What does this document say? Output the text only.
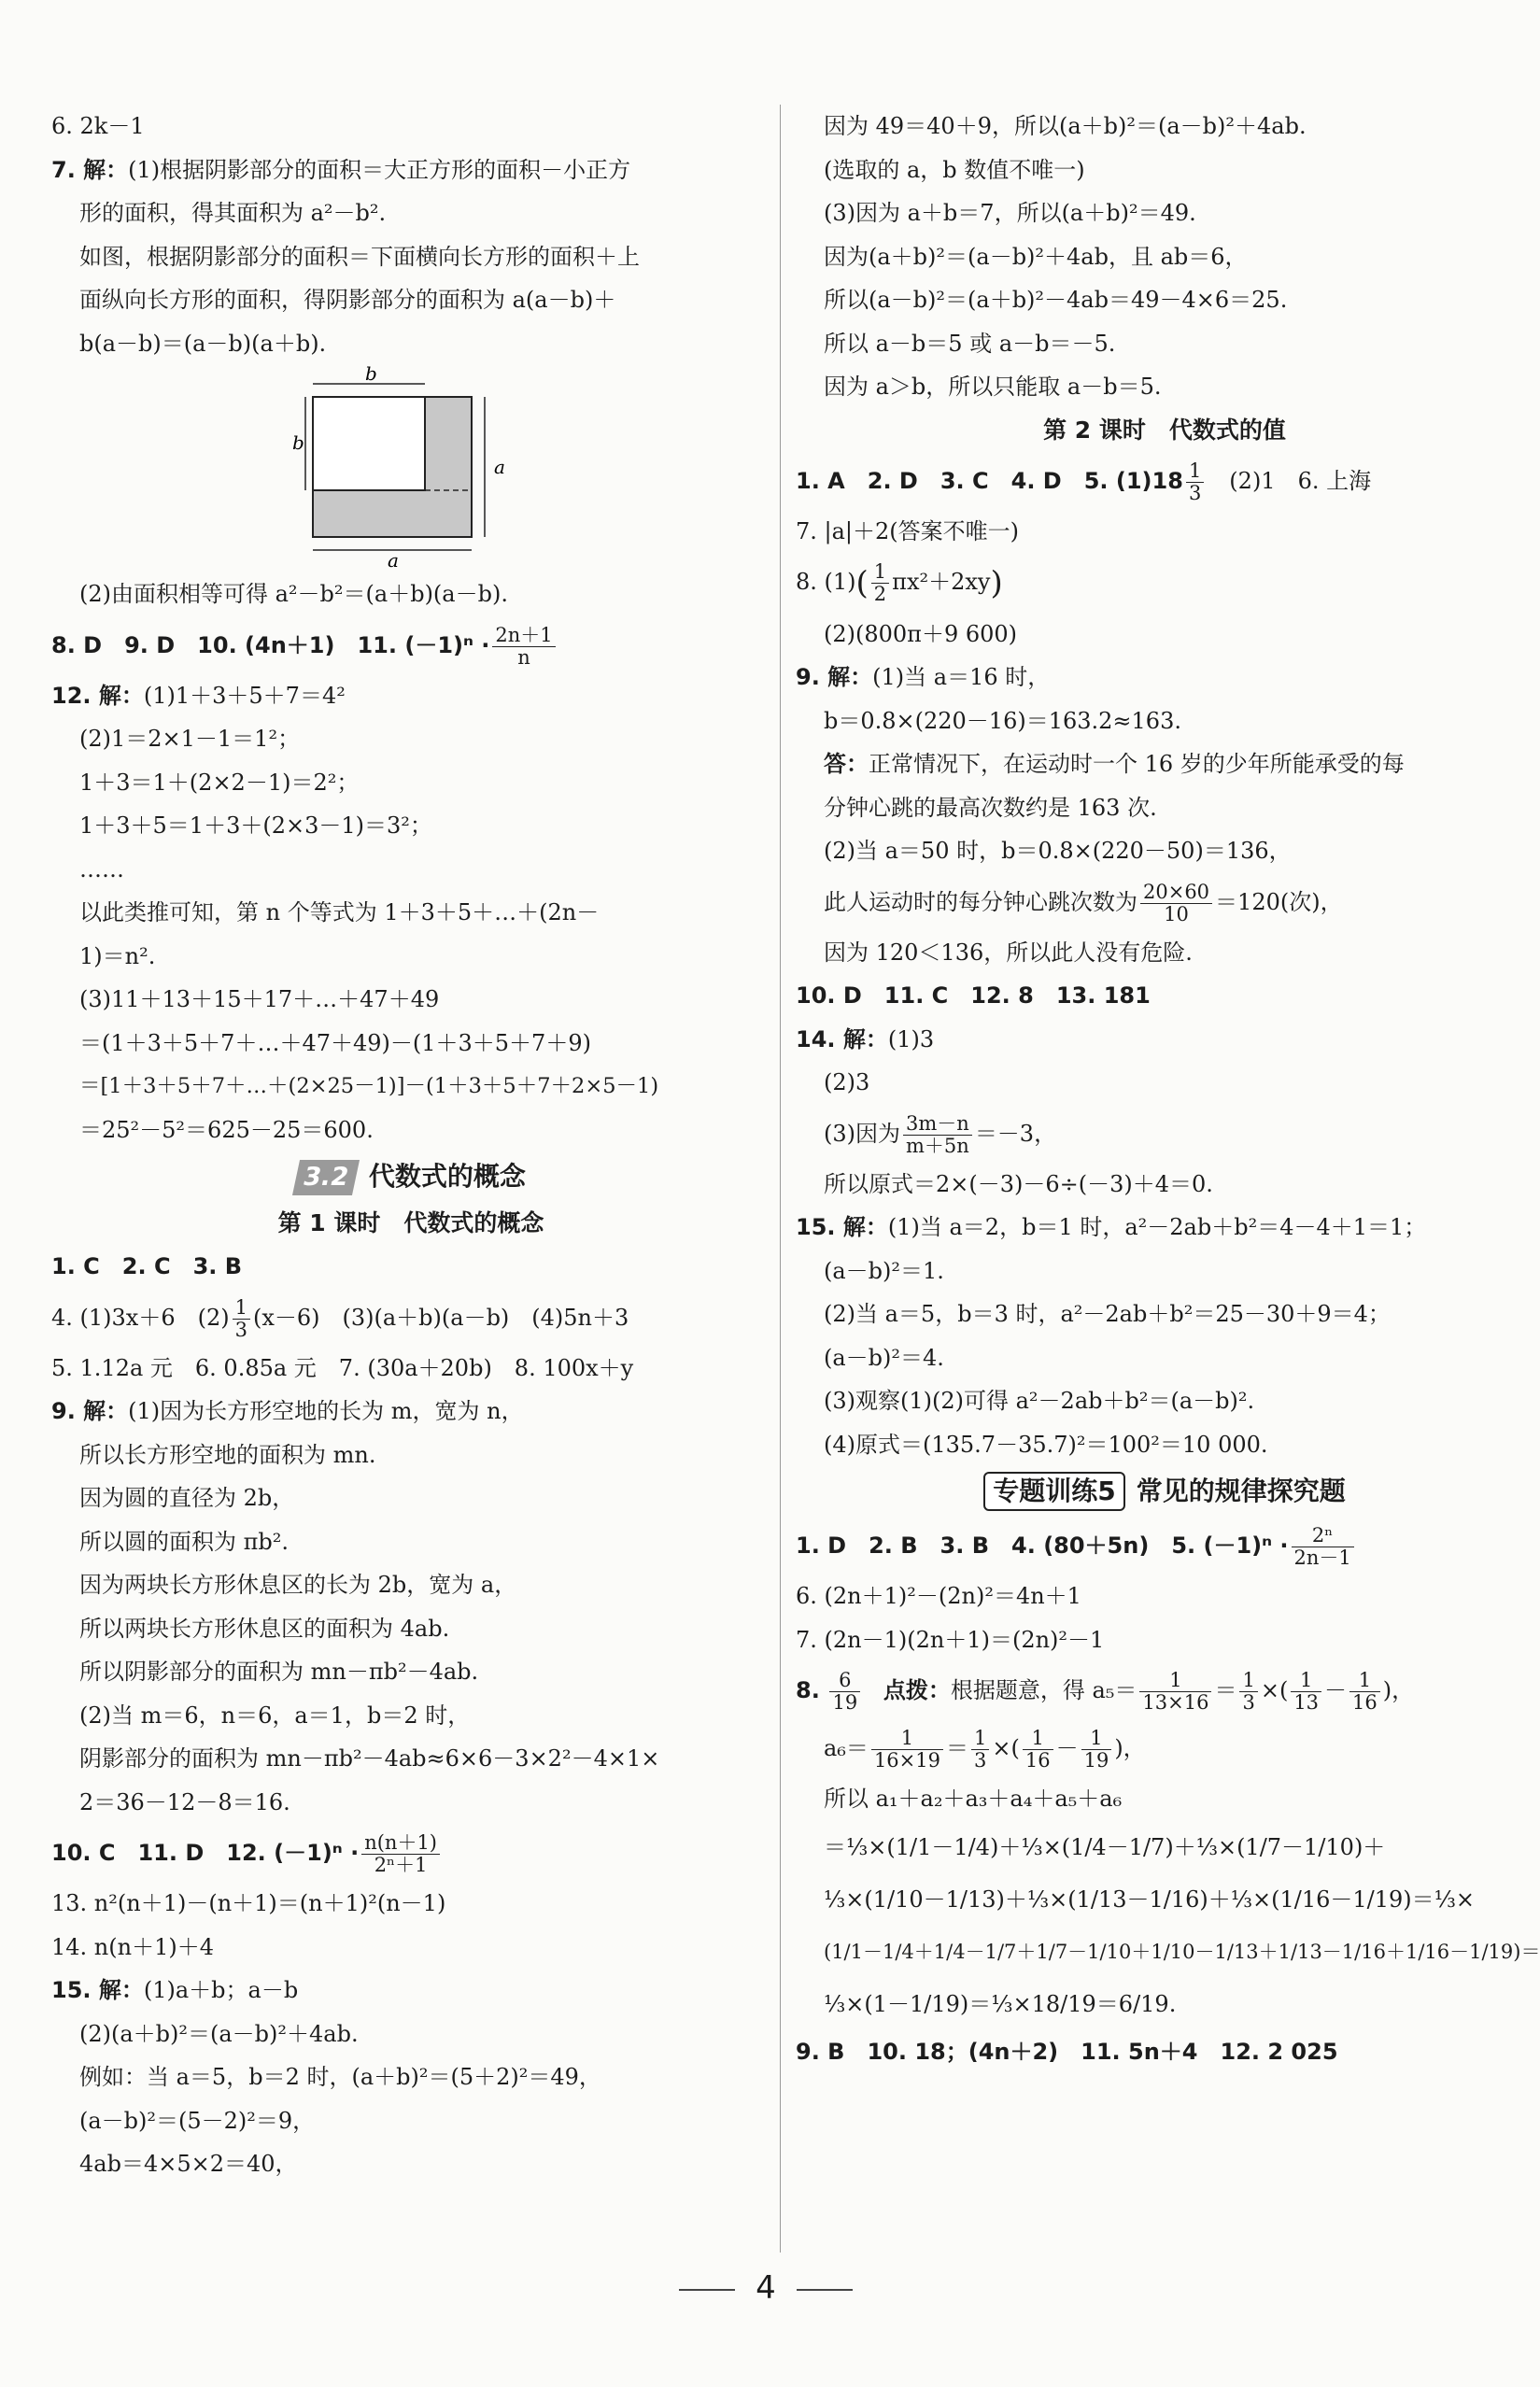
6. 2k－1
7. 解：(1)根据阴影部分的面积＝大正方形的面积－小正方
形的面积，得其面积为 a²－b².
如图，根据阴影部分的面积＝下面横向长方形的面积＋上
面纵向长方形的面积，得阴影部分的面积为 a(a－b)＋
b(a－b)＝(a－b)(a＋b).
b
b
a
a
(2)由面积相等可得 a²－b²＝(a＋b)(a－b).
8. D　9. D　10. (4n＋1)　11. $(-1)^n \cdot \frac{2n+1}{n}$
12. 解：(1)1＋3＋5＋7＝4²
(2)1＝2×1－1＝1²；
1＋3＝1＋(2×2－1)＝2²；
1＋3＋5＝1＋3＋(2×3－1)＝3²；
……
以此类推可知，第 n 个等式为 1＋3＋5＋…＋(2n－
1)＝n².
(3)11＋13＋15＋17＋…＋47＋49
＝(1＋3＋5＋7＋…＋47＋49)－(1＋3＋5＋7＋9)
＝[1＋3＋5＋7＋…＋(2×25－1)]－(1＋3＋5＋7＋2×5－1)
＝25²－5²＝625－25＝600.
3.2 代数式的概念
第 1 课时　代数式的概念
1. C　2. C　3. B
4. (1)3x＋6　$(2) \frac{1}{3} (x-6)$　(3)(a＋b)(a－b)　(4)5n＋3
5. 1.12a 元　6. 0.85a 元　7. (30a＋20b)　8. 100x＋y
9. 解：(1)因为长方形空地的长为 m，宽为 n，
所以长方形空地的面积为 mn.
因为圆的直径为 2b，
所以圆的面积为 πb².
因为两块长方形休息区的长为 2b，宽为 a，
所以两块长方形休息区的面积为 4ab.
所以阴影部分的面积为 mn－πb²－4ab.
(2)当 m＝6，n＝6，a＝1，b＝2 时，
阴影部分的面积为 mn－πb²－4ab≈6×6－3×2²－4×1×
2＝36－12－8＝16.
10. C　11. D　12. $(-1)^n \cdot \frac{n(n+1)}{\text{2ⁿ＋1}}$
13. n²(n＋1)－(n＋1)＝(n＋1)²(n－1)
14. n(n＋1)＋4
15. 解：(1)a＋b；a－b
(2)(a＋b)²＝(a－b)²＋4ab.
例如：当 a＝5，b＝2 时，(a＋b)²＝(5＋2)²＝49，
(a－b)²＝(5－2)²＝9，
4ab＝4×5×2＝40，
因为 49＝40＋9，所以(a＋b)²＝(a－b)²＋4ab.
(选取的 a，b 数值不唯一)
(3)因为 a＋b＝7，所以(a＋b)²＝49.
因为(a＋b)²＝(a－b)²＋4ab，且 ab＝6，
所以(a－b)²＝(a＋b)²－4ab＝49－4×6＝25.
所以 a－b＝5 或 a－b＝－5.
因为 a＞b，所以只能取 a－b＝5.
第 2 课时　代数式的值
1. A　2. D　3. C　4. D　5. $(1)18 \frac{1}{3}$ 　(2)1　6. 上海
7. |a|＋2(答案不唯一)
8. $(1)( \frac{1}{2} \pi x^2+2xy)$
(2)(800π＋9 600)
9. 解：(1)当 a＝16 时，
b＝0.8×(220－16)＝163.2≈163.
答：正常情况下，在运动时一个 16 岁的少年所能承受的每
分钟心跳的最高次数约是 163 次.
(2)当 a＝50 时，b＝0.8×(220－50)＝136，
此人运动时的每分钟心跳次数为 $\frac{20\times 60}{10} =120$(次)，
因为 120＜136，所以此人没有危险.
10. D　11. C　12. 8　13. 181
14. 解：(1)3
(2)3
(3)因为 $\frac{3m-n}{m+5n} =-3$，
所以原式＝2×(－3)－6÷(－3)＋4＝0.
15. 解：(1)当 a＝2，b＝1 时，a²－2ab＋b²＝4－4＋1＝1；
(a－b)²＝1.
(2)当 a＝5，b＝3 时，a²－2ab＋b²＝25－30＋9＝4；
(a－b)²＝4.
(3)观察(1)(2)可得 a²－2ab＋b²＝(a－b)².
(4)原式＝(135.7－35.7)²＝100²＝10 000.
专题训练5 常见的规律探究题
1. D　2. B　3. B　4. (80＋5n)　5. $(-1)^n \cdot \frac{\text{2ⁿ}}{2n-1}$
6. (2n＋1)²－(2n)²＝4n＋1
7. (2n－1)(2n＋1)＝(2n)²－1
8. $\frac{6}{19}$ 点拨：根据题意，得 $a_5= \frac{1}{13\times 16} = \frac{1}{3}$ ×( $\frac{1}{13} - \frac{1}{16}$ )，
$a_6= \frac{1}{16\times 19} = \frac{1}{3}$ ×( $\frac{1}{16} - \frac{1}{19}$ )，
所以 a₁＋a₂＋a₃＋a₄＋a₅＋a₆
＝⅓×(1/1－1/4)＋⅓×(1/4－1/7)＋⅓×(1/7－1/10)＋
⅓×(1/10－1/13)＋⅓×(1/13－1/16)＋⅓×(1/16－1/19)＝⅓×
(1/1－1/4＋1/4－1/7＋1/7－1/10＋1/10－1/13＋1/13－1/16＋1/16－1/19)＝
⅓×(1－1/19)＝⅓×18/19＝6/19.
9. B　10. 18；(4n＋2)　11. 5n＋4　12. 2 025
4
